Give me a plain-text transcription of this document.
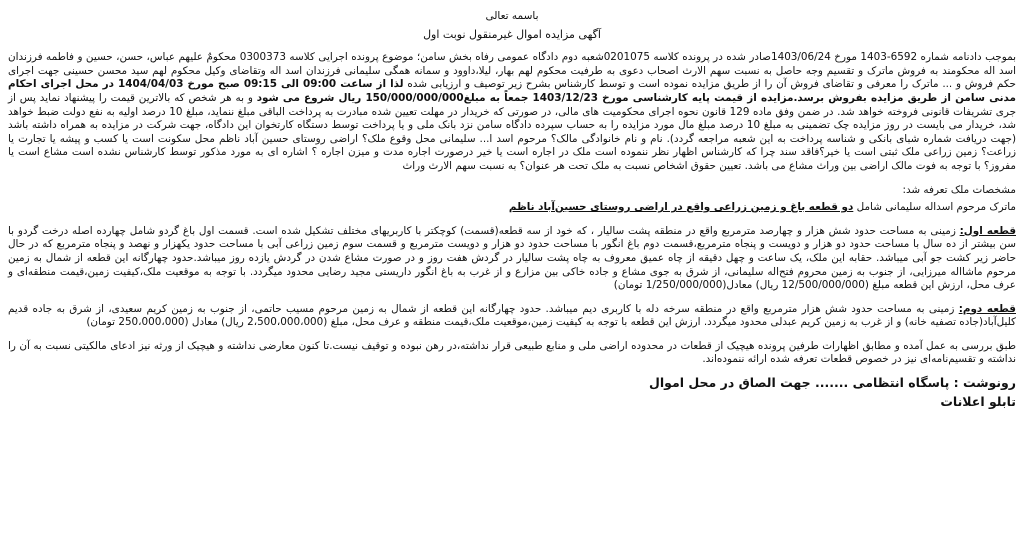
باسمه تعالی
آگهی مزایده اموال غیرمنقول نوبت اول

بموجب دادنامه شماره 6592-1403 مورخ 1403/06/24صادر شده در پرونده کلاسه 0201075شعبه دوم دادگاه عمومی رفاه بخش سامن؛ موضوع پرونده اجرایی کلاسه 0300373 محکومٌ علیهم عباس، حسن، حسین و فاطمه فرزندان اسد اله محکومند به فروش ماترک و تقسیم وجه حاصل به نسبت سهم الارث اصحاب دعوی به طرفیت محکوم لهم بهار، لیلا،داوود و سمانه همگی سلیمانی فرزندان اسد اله وتقاضای وکیل محکوم لهم سید محسن حسینی جهت اجرای حکم فروش و ... ماترک را معرفی و تقاضای فروش آن را از طریق مزایده نموده است و توسط کارشناس بشرح زیر توصیف و ارزیابی شده لذا از ساعت 09:00 الی 09:15 صبح مورخ 1404/04/03 در محل اجرای احکام مدنی سامن از طریق مزایده بفروش برسد.مزایده از قیمت پایه کارشناسی مورخ 1403/12/23 جمعاً به مبلغ150/000/000/000 ریال شروع می شود و به هر شخص که بالاترین قیمت را پیشنهاد نماید پس از جری تشریفات قانونی فروخته خواهد شد. در ضمن وفق ماده 129 قانون نحوه اجرای محکومیت های مالی، در صورتی که خریدار در مهلت تعیین شده مبادرت به پرداخت الباقی مبلغ ننماید، مبلغ 10 درصد اولیه به نفع دولت ضبط خواهد شد، خریدار می بایست در روز مزایده چک تضمینی به مبلغ 10 درصد مبلغ مال مورد مزایده را به حساب سپرده دادگاه سامن نزد بانک ملی و یا پرداخت توسط دستگاه کارتخوان این دادگاه، جهت شرکت در مزایده به همراه داشته باشد (جهت دریافت شماره شبای بانکی و شناسه پرداخت به این شعبه مراجعه گردد). نام و نام خانوادگی مالک؟ مرحوم اسد ا... سلیمانی محل وقوع ملک؟ اراضی روستای حسین آباد ناظم محل سکونت است یا کسب و پیشه یا تجارت یا زراعت؟ زمین زراعی ملک ثبتی است یا خیر؟فاقد سند چرا که کارشناس اظهار نظر ننموده است ملک در اجاره است یا خیر درصورت اجاره مدت و میزن اجاره ؟ اشاره ای به مورد مذکور توسط کارشناس نشده است مشاع است یا مفروز؟ با توجه به فوت مالک اراضی بین وراث مشاع می باشد. تعیین حقوق اشخاص نسبت به ملک تحت هر عنوان؟ به نسبت سهم الارث وراث

مشخصات ملک تعرفه شد:

ماترک مرحوم اسداله سلیمانی شامل دو قطعه باغ و زمین زراعی واقع در اراضی روستای حسین‌آباد ناظم

قطعه اول: زمینی به مساحت حدود شش هزار و چهارصد مترمربع واقع در منطقه پشت سالیار ، که خود از سه قطعه(قسمت) کوچکتر با کاربریهای مختلف تشکیل شده است. قسمت اول باغ گردو شامل چهارده اصله درخت گردو با سن بیشتر از ده سال با مساحت حدود دو هزار و دویست و پنجاه مترمربع،قسمت دوم باغ انگور با مساحت حدود دو هزار و دویست مترمربع و قسمت سوم زمین زراعی آبی با مساحت حدود یکهزار و نهصد و پنجاه مترمربع که در حال حاضر زیر کشت جو آبی میباشد. حقابه این ملک، یک ساعت و چهل دقیقه از چاه عمیق معروف به چاه پشت سالیار در گردش هفت روز و در صورت مشاع شدن در گردش یازده روز میباشد.حدود چهارگانه این قطعه از شمال به زمین مرحوم ماشااله میرزایی، از جنوب به زمین محروم فتح‌اله سلیمانی، از شرق به جوی مشاع و جاده خاکی بین مزارع و از غرب به باغ انگور داریستی مجید رضایی محدود میگردد. با توجه به موقعیت ملک،کیفیت زمین،قیمت منطقه‌ای و عرف محل، ارزش این قطعه مبلغ (12/500/000/000 ریال) معادل(1/250/000/000 تومان)

قطعه دوم: زمینی به مساحت حدود شش هزار مترمربع واقع در منطقه سرخه دله با کاربری دیم میباشد. حدود چهارگانه این قطعه از شمال به زمین مرحوم مسیب حاتمی، از جنوب به زمین کریم سعیدی، از شرق به جاده قدیم کلیل‌آباد(جاده تصفیه خانه) و از غرب به زمین کریم عبدلی محدود میگردد. ارزش این قطعه با توجه به کیفیت زمین،موقعیت ملک،قیمت منطقه و عرف محل، مبلغ (2،500،000،000 ریال) معادل (250،000،000 تومان)

طبق بررسی به عمل آمده و مطابق اظهارات طرفین پرونده هیچیک از قطعات در محدوده اراضی ملی و منابع طبیعی قرار نداشته،در رهن نبوده و توقیف نیست.تا کنون معارضی نداشته و هیچیک از ورثه نیز ادعای مالکیتی نسبت به آن را نداشته و تقسیم‌نامه‌ای نیز در خصوص قطعات تعرفه شده ارائه ننموده‌اند.

رونوشت : پاسگاه انتظامی ....... جهت الصاق در محل اموال
تابلو اعلانات
